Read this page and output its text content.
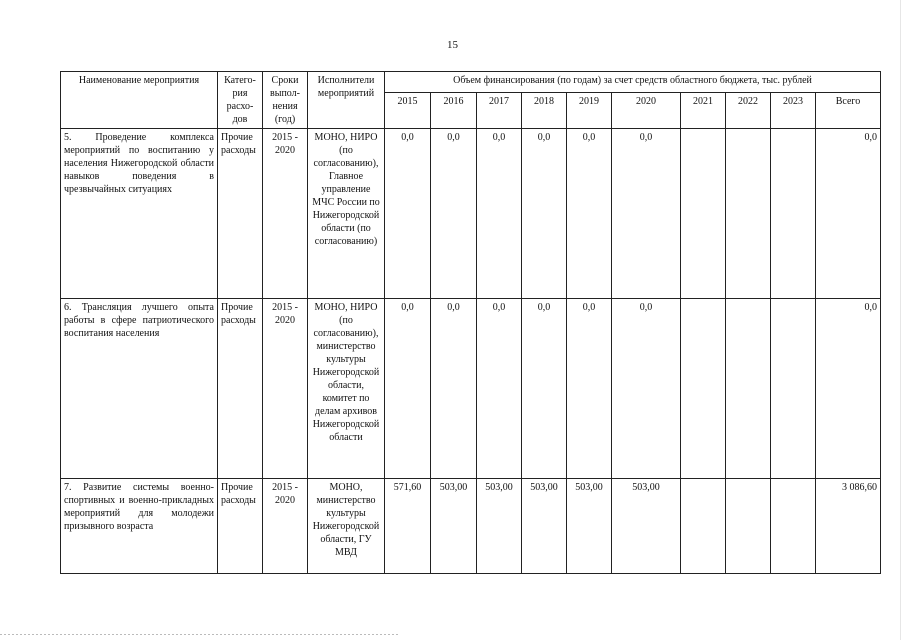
15
Наименование мероприятия	Катего-рия расхо-дов	Сроки выпол-нения (год)	Исполнители мероприятий	Объем финансирования (по годам) за счет средств областного бюджета, тыс. рублей									
				2015	2016	2017	2018	2019	2020	2021	2022	2023	Всего
5. Проведение комплекса мероприятий по воспитанию у населения Нижегородской области навыков поведения в чрезвычайных ситуациях	Прочие расходы	2015 - 2020	МОНО, НИРО (по согласованию), Главное управление МЧС России по Нижегородской области (по согласованию)	0,0	0,0	0,0	0,0	0,0	0,0				0,0
6. Трансляция лучшего опыта работы в сфере патриотического воспитания населения	Прочие расходы	2015 - 2020	МОНО, НИРО (по согласованию), министерство культуры Нижегородской области, комитет по делам архивов Нижегородской области	0,0	0,0	0,0	0,0	0,0	0,0				0,0
7. Развитие системы военно-спортивных и военно-прикладных мероприятий для молодежи призывного возраста	Прочие расходы	2015 - 2020	МОНО, министерство культуры Нижегородской области, ГУ МВД	571,60	503,00	503,00	503,00	503,00	503,00				3 086,60
